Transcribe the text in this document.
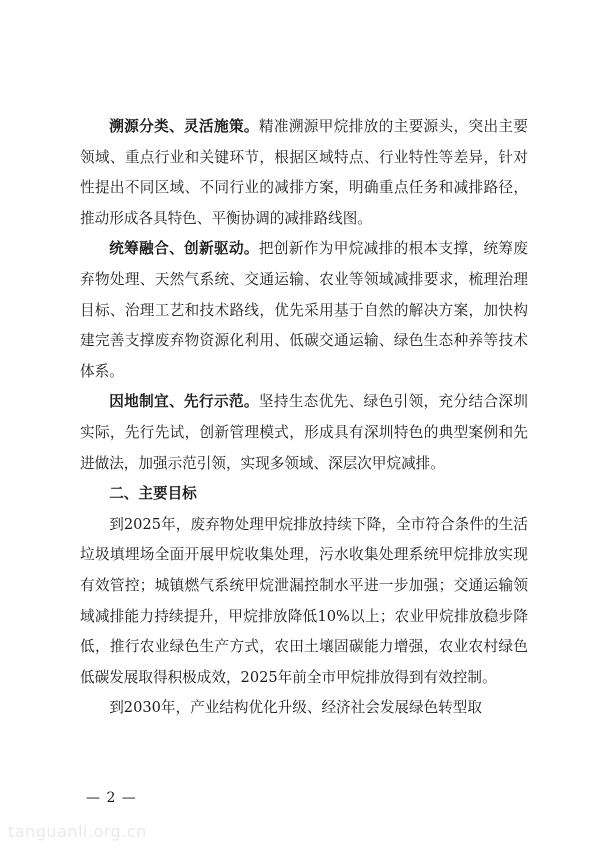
溯源分类、灵活施策。精准溯源甲烷排放的主要源头，突出主要领域、重点行业和关键环节，根据区域特点、行业特性等差异，针对性提出不同区域、不同行业的减排方案，明确重点任务和减排路径，推动形成各具特色、平衡协调的减排路线图。

统筹融合、创新驱动。把创新作为甲烷减排的根本支撑，统筹废弃物处理、天然气系统、交通运输、农业等领域减排要求，梳理治理目标、治理工艺和技术路线，优先采用基于自然的解决方案，加快构建完善支撑废弃物资源化利用、低碳交通运输、绿色生态种养等技术体系。

因地制宜、先行示范。坚持生态优先、绿色引领，充分结合深圳实际，先行先试，创新管理模式，形成具有深圳特色的典型案例和先进做法，加强示范引领，实现多领域、深层次甲烷减排。

二、主要目标

到2025年，废弃物处理甲烷排放持续下降，全市符合条件的生活垃圾填埋场全面开展甲烷收集处理，污水收集处理系统甲烷排放实现有效管控；城镇燃气系统甲烷泄漏控制水平进一步加强；交通运输领域减排能力持续提升，甲烷排放降低10%以上；农业甲烷排放稳步降低，推行农业绿色生产方式，农田土壤固碳能力增强，农业农村绿色低碳发展取得积极成效，2025年前全市甲烷排放得到有效控制。

到2030年，产业结构优化升级、经济社会发展绿色转型取

— 2 —
tanguanli.org.cn
